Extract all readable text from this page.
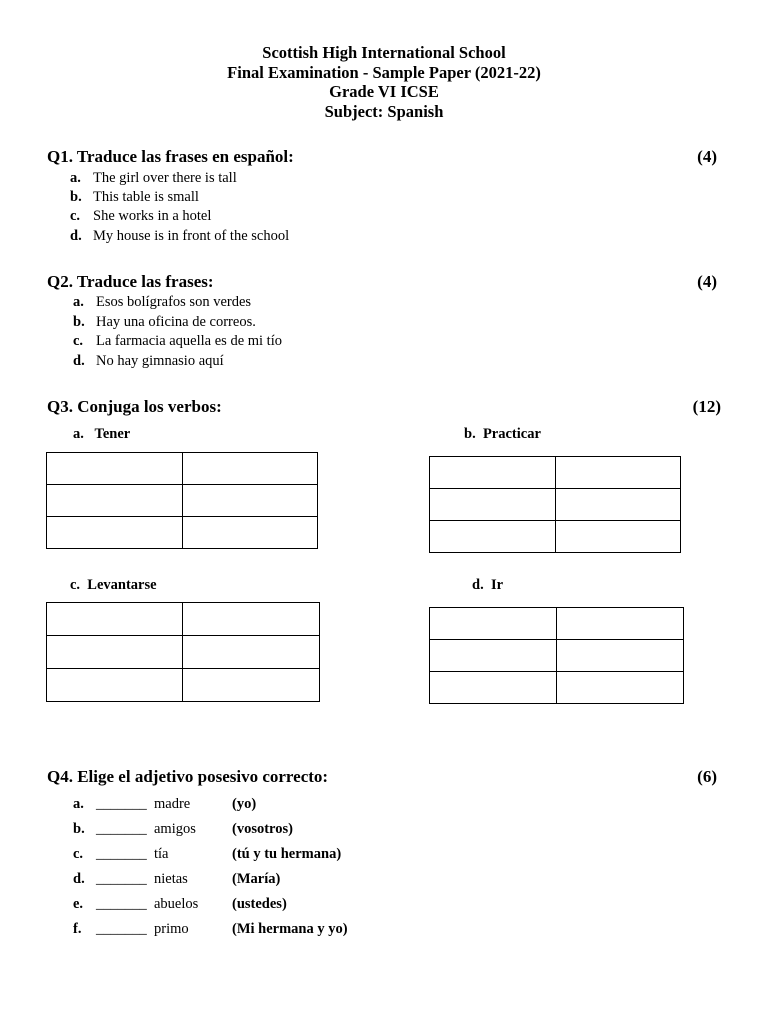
Scottish High International School
Final Examination - Sample Paper (2021-22)
Grade VI ICSE
Subject: Spanish
Q1. Traduce las frases en español:	(4)
a. The girl over there is tall
b. This table is small
c. She works in a hotel
d. My house is in front of the school
Q2. Traduce las frases:	(4)
a. Esos bolígrafos son verdes
b. Hay una oficina de correos.
c. La farmacia aquella es de mi tío
d. No hay gimnasio aquí
Q3. Conjuga los verbos:	(12)
a.   Tener	b.  Practicar
c.  Levantarse	d.  Ir

Q4. Elige el adjetivo posesivo correcto:	(6)
a. _______ madre	(yo)
b. _______ amigos (vosotros)
c. _______ tía	(tú y tu hermana)
d. _______ nietas	(María)
e. _______ abuelos (ustedes)
f. _______ primo	(Mi hermana y yo)
